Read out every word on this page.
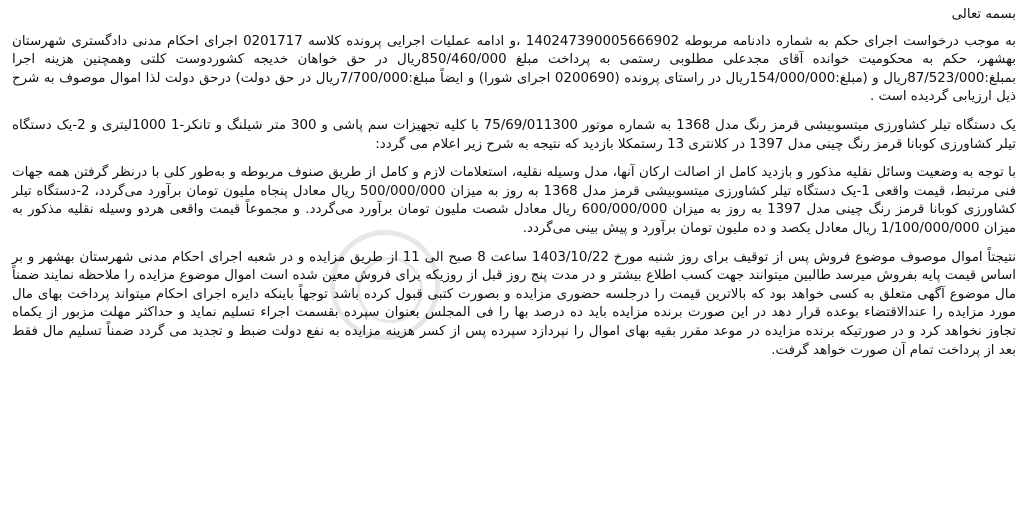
بسمه تعالی

به موجب درخواست اجرای حکم به شماره دادنامه مربوطه 140247390005666902 ،و ادامه عملیات اجرایی پرونده کلاسه 0201717 اجرای احکام مدنی دادگستری شهرستان بهشهر، حکم به محکومیت خوانده آقای مجدعلی مطلوبی رستمی به پرداخت مبلغ 850/460/000ریال در حق خواهان خدیجه کشوردوست کلتی وهمچنین هزینه اجرا بمبلغ:87/523/000ریال و (مبلغ:154/000/000ریال در راستای پرونده (0200690 اجرای شورا) و ایضاً مبلغ:7/700/000ریال در حق دولت) درحق دولت لذا اموال موصوف به شرح ذیل ارزیابی گردیده است .

یک دستگاه تیلر کشاورزی میتسوبیشی قرمز رنگ مدل 1368 به شماره موتور 75/69/011300 با کلیه تجهیزات سم پاشی و 300 متر شیلنگ و تانکر-1 1000لیتری و 2-یک دستگاه تیلر کشاورزی کوبانا قرمز رنگ چینی مدل 1397 در کلانتری 13 رستمکلا بازدید که نتیجه به شرح زیر اعلام می گردد:

با توجه به وضعیت وسائل نقلیه مذکور و بازدید کامل از اصالت ارکان آنها، مدل وسیله نقلیه، استعلامات لازم و کامل از طریق صنوف مربوطه و به‌طور کلی با درنظر گرفتن همه جهات فنی مرتبط، قیمت واقعی 1-یک دستگاه تیلر کشاورزی میتسوبیشی قرمز مدل 1368 به روز به میزان 500/000/000 ریال معادل پنجاه ملیون تومان برآورد می‌گردد، 2-دستگاه تیلر کشاورزی کوبانا قرمز رنگ چینی مدل 1397 به روز به میزان 600/000/000 ریال معادل شصت ملیون تومان برآورد می‌گردد. و مجموعاً قیمت واقعی هردو وسیله نقلیه مذکور به میزان 1/100/000/000 ریال معادل یکصد و ده ملیون تومان برآورد و پیش بینی می‌گردد.

نتیجتاً اموال موصوف موضوع فروش پس از توقیف برای روز شنبه مورخ 1403/10/22 ساعت 8 صبح الی 11 از طریق مزایده و در شعبه اجرای احکام مدنی شهرستان بهشهر و بر اساس قیمت پایه بفروش میرسد طالبین میتوانند جهت کسب اطلاع بیشتر و در مدت پنج روز قبل از روزیکه برای فروش معین شده است اموال موضوع مزایده را ملاحظه نمایند ضمناً مال موضوع آگهی متعلق به کسی خواهد بود که بالاترین قیمت را درجلسه حضوری مزایده و بصورت کتبی قبول کرده باشد توجهاً باینکه دایره اجرای احکام میتواند پرداخت بهای مال مورد مزایده را عندالاقتضاء بوعده قرار دهد در این صورت برنده مزایده باید ده درصد بها را فی المجلس بعنوان سپرده بقسمت اجراء تسلیم نماید و حداکثر مهلت مزبور از یکماه تجاوز نخواهد کرد و در صورتیکه برنده مزایده در موعد مقرر بقیه بهای اموال را نپردازد سپرده پس از کسر هزینه مزایده به نفع دولت ضبط و تجدید می گردد ضمناً تسلیم مال فقط بعد از پرداخت تمام آن صورت خواهد گرفت.
